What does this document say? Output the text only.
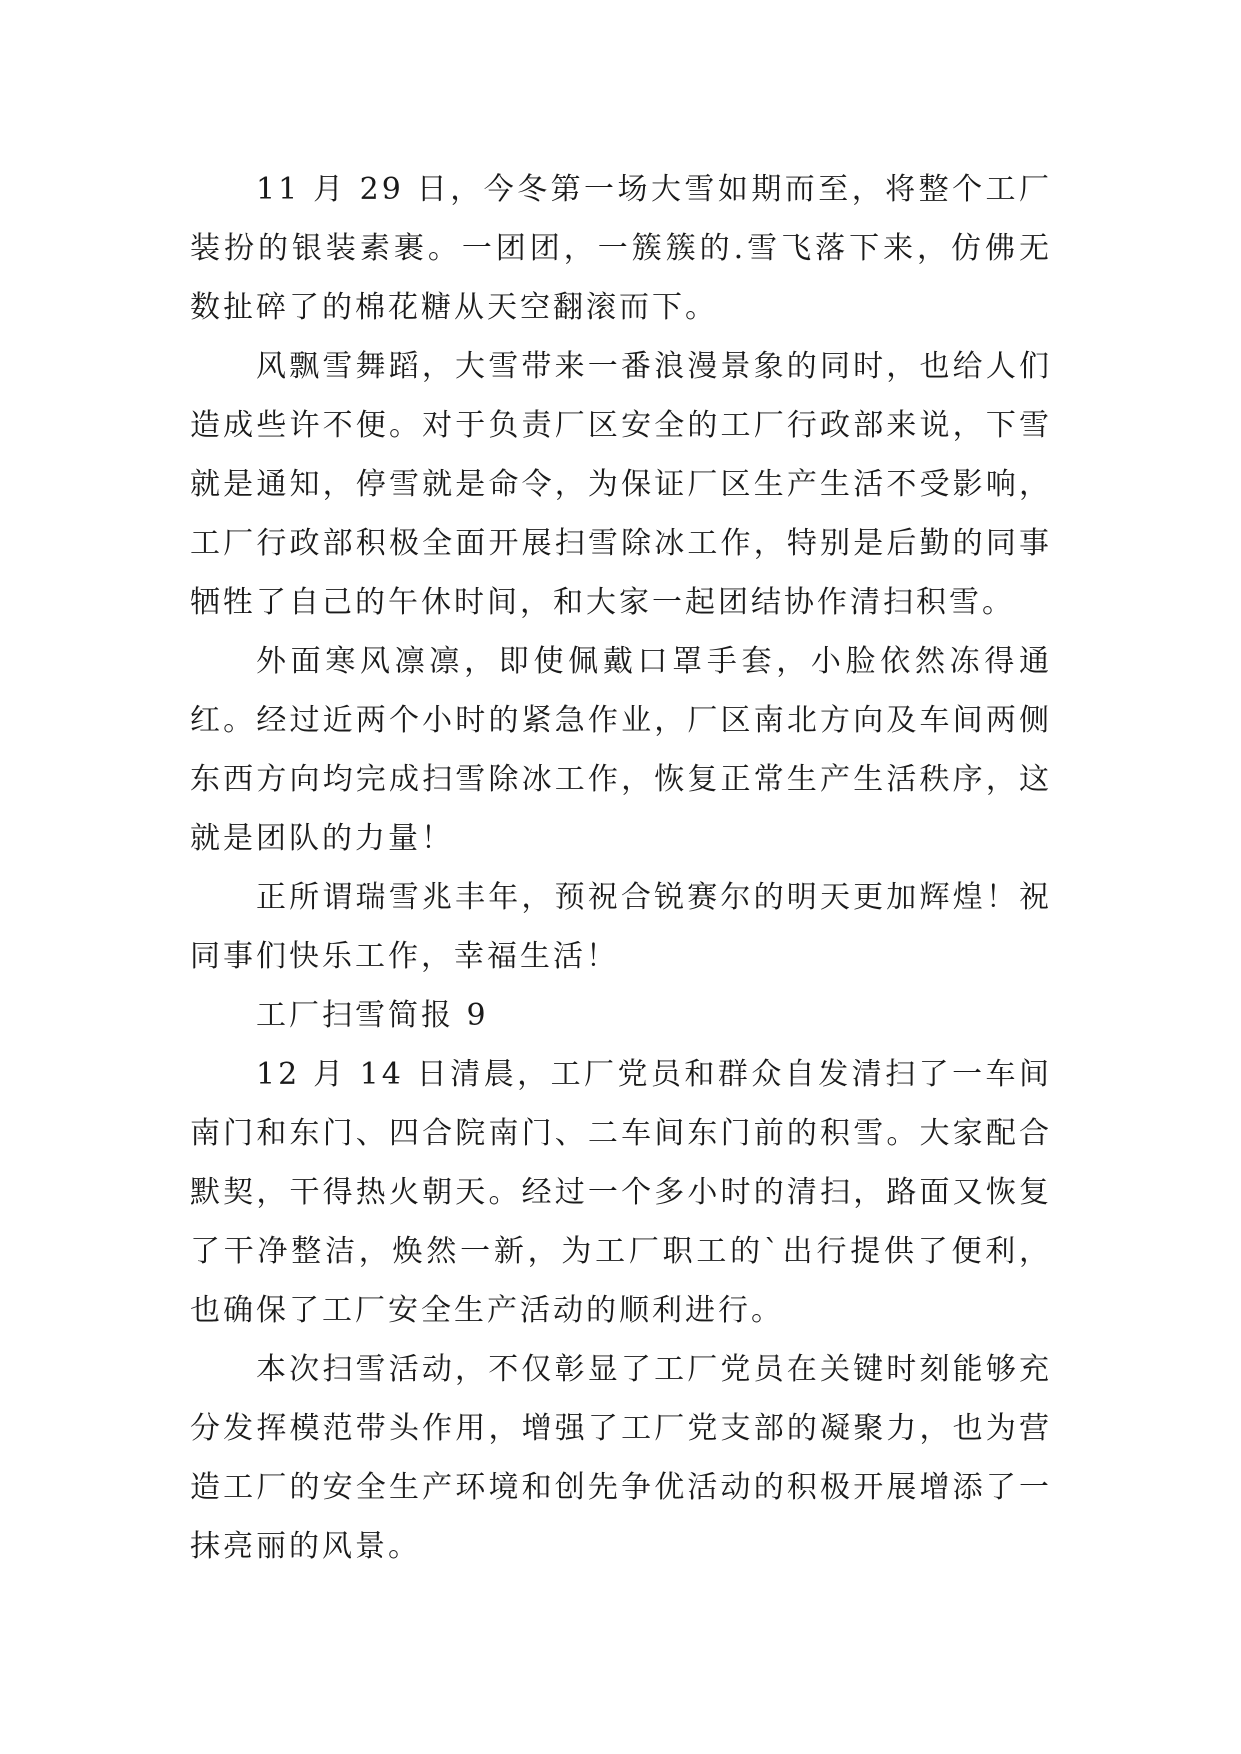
11 月 29 日，今冬第一场大雪如期而至，将整个工厂装扮的银装素裹。一团团，一簇簇的.雪飞落下来，仿佛无数扯碎了的棉花糖从天空翻滚而下。

风飘雪舞蹈，大雪带来一番浪漫景象的同时，也给人们造成些许不便。对于负责厂区安全的工厂行政部来说，下雪就是通知，停雪就是命令，为保证厂区生产生活不受影响，工厂行政部积极全面开展扫雪除冰工作，特别是后勤的同事牺牲了自己的午休时间，和大家一起团结协作清扫积雪。

外面寒风凛凛，即使佩戴口罩手套，小脸依然冻得通红。经过近两个小时的紧急作业，厂区南北方向及车间两侧东西方向均完成扫雪除冰工作，恢复正常生产生活秩序，这就是团队的力量！

正所谓瑞雪兆丰年，预祝合锐赛尔的明天更加辉煌！祝同事们快乐工作，幸福生活！

工厂扫雪简报 9

12 月 14 日清晨，工厂党员和群众自发清扫了一车间南门和东门、四合院南门、二车间东门前的积雪。大家配合默契，干得热火朝天。经过一个多小时的清扫，路面又恢复了干净整洁，焕然一新，为工厂职工的`出行提供了便利，也确保了工厂安全生产活动的顺利进行。

本次扫雪活动，不仅彰显了工厂党员在关键时刻能够充分发挥模范带头作用，增强了工厂党支部的凝聚力，也为营造工厂的安全生产环境和创先争优活动的积极开展增添了一抹亮丽的风景。
